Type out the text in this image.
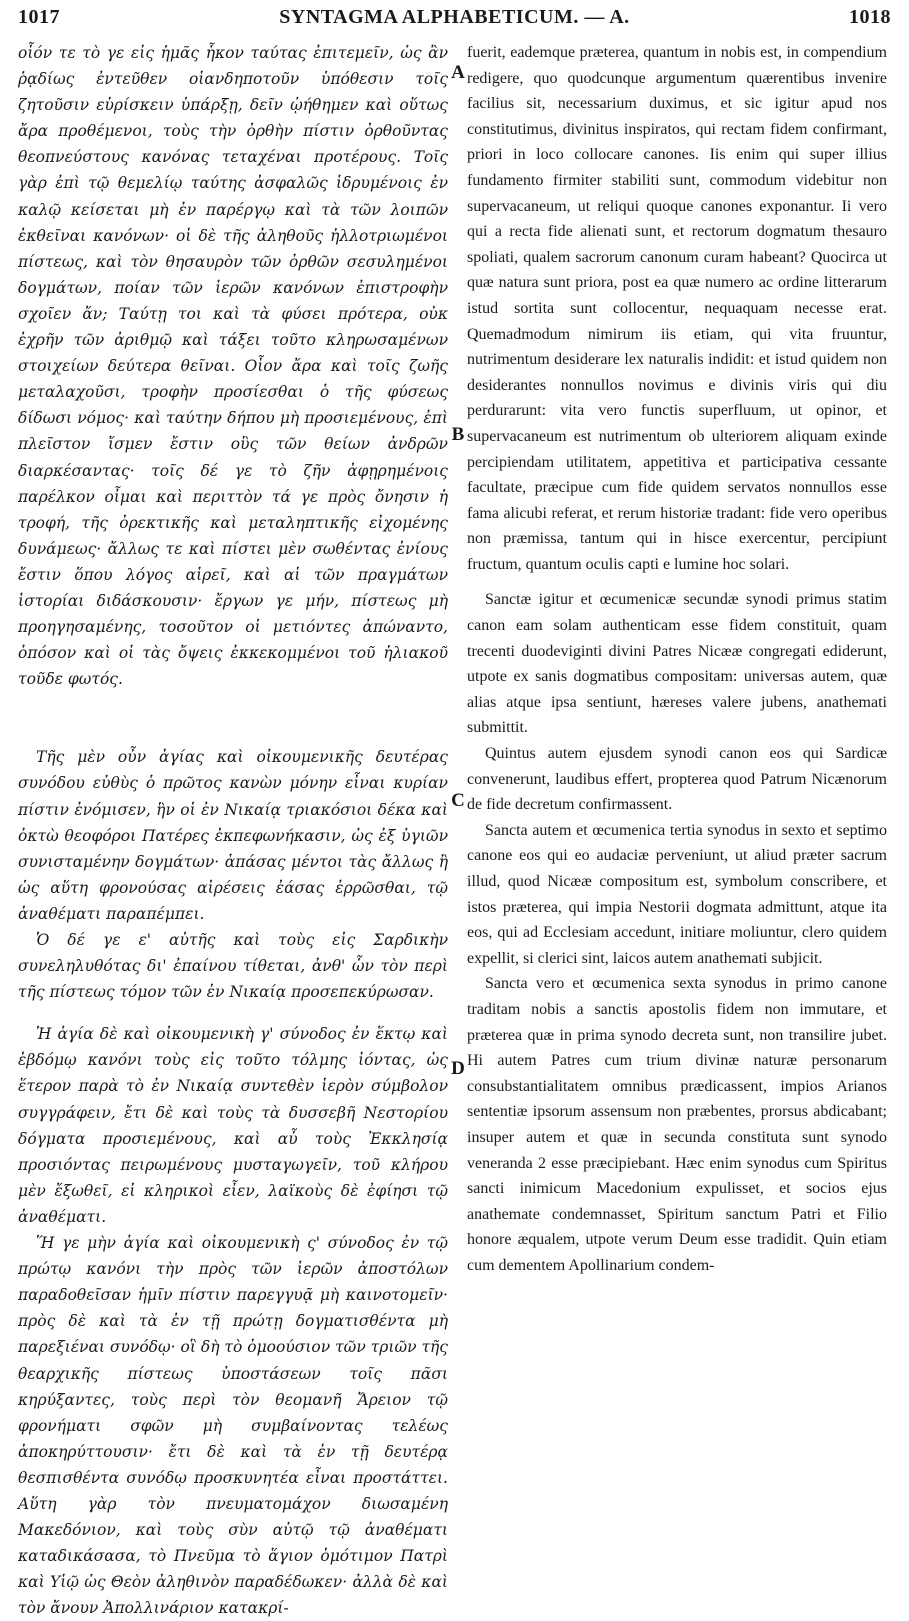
1017	SYNTAGMA ALPHABETICUM. — A.	1018

οἷόν τε τὸ γε εἰς ἡμᾶς ἧκον ταύτας ἐπιτεμεῖν, ὡς ἂν ῥᾳδίως ἐντεῦθεν οἱανδηποτοῦν ὑπόθεσιν τοῖς ζητοῦσιν εὑρίσκειν ὑπάρξῃ, δεῖν ᾠήθημεν καὶ οὕτως ἄρα προθέμενοι, τοὺς τὴν ὀρθὴν πίστιν ὀρθοῦντας θεοπνεύστους κανόνας τεταχέναι προτέρους. Τοῖς γὰρ ἐπὶ τῷ θεμελίῳ ταύτης ἀσφαλῶς ἱδρυμένοις ἐν καλῷ κείσεται μὴ ἐν παρέργῳ καὶ τὰ τῶν λοιπῶν ἐκθεῖναι κανόνων· οἱ δὲ τῆς ἀληθοῦς ἠλλοτριωμένοι πίστεως, καὶ τὸν θησαυρὸν τῶν ὀρθῶν σεσυλημένοι δογμάτων, ποίαν τῶν ἱερῶν κανόνων ἐπιστροφὴν σχοῖεν ἄν; Ταύτῃ τοι καὶ τὰ φύσει πρότερα, οὐκ ἐχρῆν τῶν ἀριθμῷ καὶ τάξει τοῦτο κληρωσαμένων στοιχείων δεύτερα θεῖναι. Οἷον ἄρα καὶ τοῖς ζωῆς μεταλαχοῦσι, τροφὴν προσίεσθαι ὁ τῆς φύσεως δίδωσι νόμος· καὶ ταύτην δήπου μὴ προσιεμένους, ἐπὶ πλεῖστον ἴσμεν ἔστιν οὓς τῶν θείων ἀνδρῶν διαρκέσαντας· τοῖς δέ γε τὸ ζῆν ἀφῃρημένοις παρέλκον οἶμαι καὶ περιττὸν τά γε πρὸς ὄνησιν ἡ τροφή, τῆς ὀρεκτικῆς καὶ μεταληπτικῆς εἰχομένης δυνάμεως· ἄλλως τε καὶ πίστει μὲν σωθέντας ἐνίους ἔστιν ὅπου λόγος αἱρεῖ, καὶ αἱ τῶν πραγμάτων ἱστορίαι διδάσκουσιν· ἔργων γε μήν, πίστεως μὴ προηγησαμένης, τοσοῦτον οἱ μετιόντες ἀπώναντο, ὁπόσον καὶ οἱ τὰς ὄψεις ἐκκεκομμένοι τοῦ ἡλιακοῦ τοῦδε φωτός.

Τῆς μὲν οὖν ἁγίας καὶ οἰκουμενικῆς δευτέρας συνόδου εὐθὺς ὁ πρῶτος κανὼν μόνην εἶναι κυρίαν πίστιν ἐνόμισεν, ἣν οἱ ἐν Νικαίᾳ τριακόσιοι δέκα καὶ ὀκτὼ θεοφόροι Πατέρες ἐκπεφωνήκασιν, ὡς ἐξ ὑγιῶν συνισταμένην δογμάτων· ἁπάσας μέντοι τὰς ἄλλως ἢ ὡς αὕτη φρονούσας αἱρέσεις ἐάσας ἐρρῶσθαι, τῷ ἀναθέματι παραπέμπει.

Ὁ δέ γε ε' αὐτῆς καὶ τοὺς εἰς Σαρδικὴν συνεληλυθότας δι' ἐπαίνου τίθεται, ἀνθ' ὧν τὸν περὶ τῆς πίστεως τόμον τῶν ἐν Νικαίᾳ προσεπεκύρωσαν.

Ἡ ἁγία δὲ καὶ οἰκουμενικὴ γ' σύνοδος ἐν ἕκτῳ καὶ ἑβδόμῳ κανόνι τοὺς εἰς τοῦτο τόλμης ἰόντας, ὡς ἕτερον παρὰ τὸ ἐν Νικαίᾳ συντεθὲν ἱερὸν σύμβολον συγγράφειν, ἔτι δὲ καὶ τοὺς τὰ δυσσεβῆ Νεστορίου δόγματα προσιεμένους, καὶ αὖ τοὺς Ἐκκλησίᾳ προσιόντας πειρωμένους μυσταγωγεῖν, τοῦ κλήρου μὲν ἔξωθεῖ, εἰ κληρικοὶ εἶεν, λαϊκοὺς δὲ ἐφίησι τῷ ἀναθέματι.

Ἥ γε μὴν ἁγία καὶ οἰκουμενικὴ ς' σύνοδος ἐν τῷ πρώτῳ κανόνι τὴν πρὸς τῶν ἱερῶν ἀποστόλων παραδοθεῖσαν ἡμῖν πίστιν παρεγγυᾷ μὴ καινοτομεῖν· πρὸς δὲ καὶ τὰ ἐν τῇ πρώτῃ δογματισθέντα μὴ παρεξιέναι συνόδῳ· οἳ δὴ τὸ ὁμοούσιον τῶν τριῶν τῆς θεαρχικῆς πίστεως ὑποστάσεων τοῖς πᾶσι κηρύξαντες, τοὺς περὶ τὸν θεομανῆ Ἄρειον τῷ φρονήματι σφῶν μὴ συμβαίνοντας τελέως ἀποκηρύττουσιν· ἔτι δὲ καὶ τὰ ἐν τῇ δευτέρᾳ θεσπισθέντα συνόδῳ προσκυνητέα εἶναι προστάττει. Αὕτη γὰρ τὸν πνευματομάχον διωσαμένη Μακεδόνιον, καὶ τοὺς σὺν αὐτῷ τῷ ἀναθέματι καταδικάσασα, τὸ Πνεῦμα τὸ ἅγιον ὁμότιμον Πατρὶ καὶ Υἱῷ ὡς Θεὸν ἀληθινὸν παραδέδωκεν· ἀλλὰ δὲ καὶ τὸν ἄνουν Ἀπολλινάριον κατακρί-

A
B
C
D

fuerit, eademque præterea, quantum in nobis est, in compendium redigere, quo quodcunque argumentum quærentibus invenire facilius sit, necessarium duximus, et sic igitur apud nos constitutimus, divinitus inspiratos, qui rectam fidem confirmant, priori in loco collocare canones. Iis enim qui super illius fundamento firmiter stabiliti sunt, commodum videbitur non supervacaneum, ut reliqui quoque canones exponantur. Ii vero qui a recta fide alienati sunt, et rectorum dogmatum thesauro spoliati, qualem sacrorum canonum curam habeant? Quocirca ut quæ natura sunt priora, post ea quæ numero ac ordine litterarum istud sortita sunt collocentur, nequaquam necesse erat. Quemadmodum nimirum iis etiam, qui vita fruuntur, nutrimentum desiderare lex naturalis indidit: et istud quidem non desiderantes nonnullos novimus e divinis viris qui diu perdurarunt: vita vero functis superfluum, ut opinor, et supervacaneum est nutrimentum ob ulteriorem aliquam exinde percipiendam utilitatem, appetitiva et participativa cessante facultate, præcipue cum fide quidem servatos nonnullos esse fama alicubi referat, et rerum historiæ tradant: fide vero operibus non præmissa, tantum qui in hisce exercentur, percipiunt fructum, quantum oculis capti e lumine hoc solari.

Sanctæ igitur et œcumenicæ secundæ synodi primus statim canon eam solam authenticam esse fidem constituit, quam trecenti duodeviginti divini Patres Nicææ congregati ediderunt, utpote ex sanis dogmatibus compositam: universas autem, quæ alias atque ipsa sentiunt, hæreses valere jubens, anathemati submittit.

Quintus autem ejusdem synodi canon eos qui Sardicæ convenerunt, laudibus effert, propterea quod Patrum Nicænorum de fide decretum confirmassent.

Sancta autem et œcumenica tertia synodus in sexto et septimo canone eos qui eo audaciæ perveniunt, ut aliud præter sacrum illud, quod Nicææ compositum est, symbolum conscribere, et istos præterea, qui impia Nestorii dogmata admittunt, atque ita eos, qui ad Ecclesiam accedunt, initiare moliuntur, clero quidem expellit, si clerici sint, laicos autem anathemati subjicit.

Sancta vero et œcumenica sexta synodus in primo canone traditam nobis a sanctis apostolis fidem non immutare, et præterea quæ in prima synodo decreta sunt, non transilire jubet. Hi autem Patres cum trium divinæ naturæ personarum consubstantialitatem omnibus prædicassent, impios Arianos sententiæ ipsorum assensum non præbentes, prorsus abdicabant; insuper autem et quæ in secunda constituta sunt synodo veneranda 2 esse præcipiebant. Hæc enim synodus cum Spiritus sancti inimicum Macedonium expulisset, et socios ejus anathemate condemnasset, Spiritum sanctum Patri et Filio honore æqualem, utpote verum Deum esse tradidit. Quin etiam cum dementem Apollinarium condem-
